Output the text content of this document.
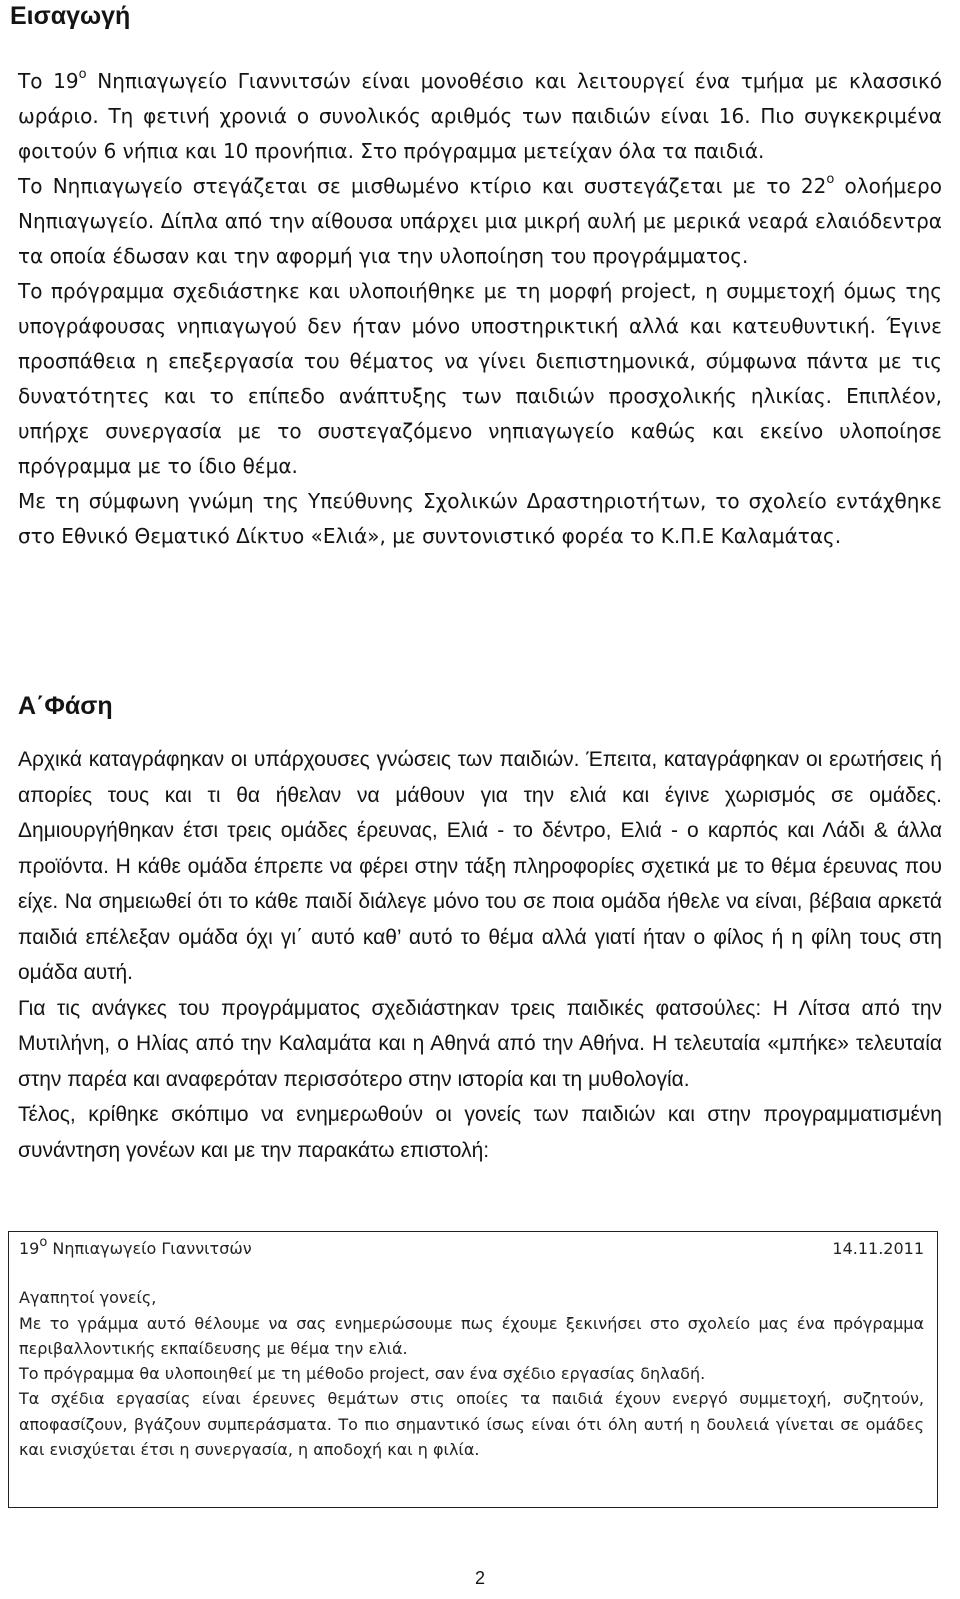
Εισαγωγή
Το $19^o$ Νηπιαγωγείο Γιαννιτσών είναι μονοθέσιο και λειτουργεί ένα τμήμα με κλασσικό ωράριο. Τη φετινή χρονιά ο συνολικός αριθμός των παιδιών είναι 16. Πιο συγκεκριμένα φοιτούν 6 νήπια και 10 προνήπια. Στο πρόγραμμα μετείχαν όλα τα παιδιά.
Το Νηπιαγωγείο στεγάζεται σε μισθωμένο κτίριο και συστεγάζεται με το $22^o$ ολοήμερο Νηπιαγωγείο. Δίπλα από την αίθουσα υπάρχει μια μικρή αυλή με μερικά νεαρά ελαιόδεντρα τα οποία έδωσαν και την αφορμή για την υλοποίηση του προγράμματος.
Το πρόγραμμα σχεδιάστηκε και υλοποιήθηκε με τη μορφή project, η συμμετοχή όμως της υπογράφουσας νηπιαγωγού δεν ήταν μόνο υποστηρικτική αλλά και κατευθυντική. Έγινε προσπάθεια η επεξεργασία του θέματος να γίνει διεπιστημονικά, σύμφωνα πάντα με τις δυνατότητες και το επίπεδο ανάπτυξης των παιδιών προσχολικής ηλικίας. Επιπλέον, υπήρχε συνεργασία με το συστεγαζόμενο νηπιαγωγείο καθώς και εκείνο υλοποίησε πρόγραμμα με το ίδιο θέμα.
Με τη σύμφωνη γνώμη της Υπεύθυνης Σχολικών Δραστηριοτήτων, το σχολείο εντάχθηκε στο Εθνικό Θεματικό Δίκτυο «Ελιά», με συντονιστικό φορέα το Κ.Π.Ε Καλαμάτας.
Α΄Φάση
Αρχικά καταγράφηκαν οι υπάρχουσες γνώσεις των παιδιών. Έπειτα, καταγράφηκαν οι ερωτήσεις ή απορίες τους και τι θα ήθελαν να μάθουν για την ελιά και έγινε χωρισμός σε ομάδες. Δημιουργήθηκαν έτσι τρεις ομάδες έρευνας, Ελιά - το δέντρο, Ελιά - ο καρπός και Λάδι & άλλα προϊόντα. Η κάθε ομάδα έπρεπε να φέρει στην τάξη πληροφορίες σχετικά με το θέμα έρευνας που είχε. Να σημειωθεί ότι το κάθε παιδί διάλεγε μόνο του σε ποια ομάδα ήθελε να είναι, βέβαια αρκετά παιδιά επέλεξαν ομάδα όχι γι΄ αυτό καθ’ αυτό το θέμα αλλά γιατί ήταν ο φίλος ή η φίλη τους στη ομάδα αυτή.
Για τις ανάγκες του προγράμματος σχεδιάστηκαν τρεις παιδικές φατσούλες: Η Λίτσα από την Μυτιλήνη, ο Ηλίας από την Καλαμάτα και η Αθηνά από την Αθήνα. Η τελευταία «μπήκε» τελευταία στην παρέα και αναφερόταν περισσότερο στην ιστορία και τη μυθολογία.
Τέλος, κρίθηκε σκόπιμο να ενημερωθούν οι γονείς των παιδιών και στην προγραμματισμένη συνάντηση γονέων και με την παρακάτω επιστολή:
$19^o$ Νηπιαγωγείο Γιαννιτσών	14.11.2011

Αγαπητοί γονείς,

Με το γράμμα αυτό θέλουμε να σας ενημερώσουμε πως έχουμε ξεκινήσει στο σχολείο μας ένα πρόγραμμα περιβαλλοντικής εκπαίδευσης με θέμα την ελιά.

Το πρόγραμμα θα υλοποιηθεί με τη μέθοδο project, σαν ένα σχέδιο εργασίας δηλαδή.

Τα σχέδια εργασίας είναι έρευνες θεμάτων στις οποίες τα παιδιά έχουν ενεργό συμμετοχή, συζητούν, αποφασίζουν, βγάζουν συμπεράσματα. Το πιο σημαντικό ίσως είναι ότι όλη αυτή η δουλειά γίνεται σε ομάδες και ενισχύεται έτσι η συνεργασία, η αποδοχή και η φιλία.

2
